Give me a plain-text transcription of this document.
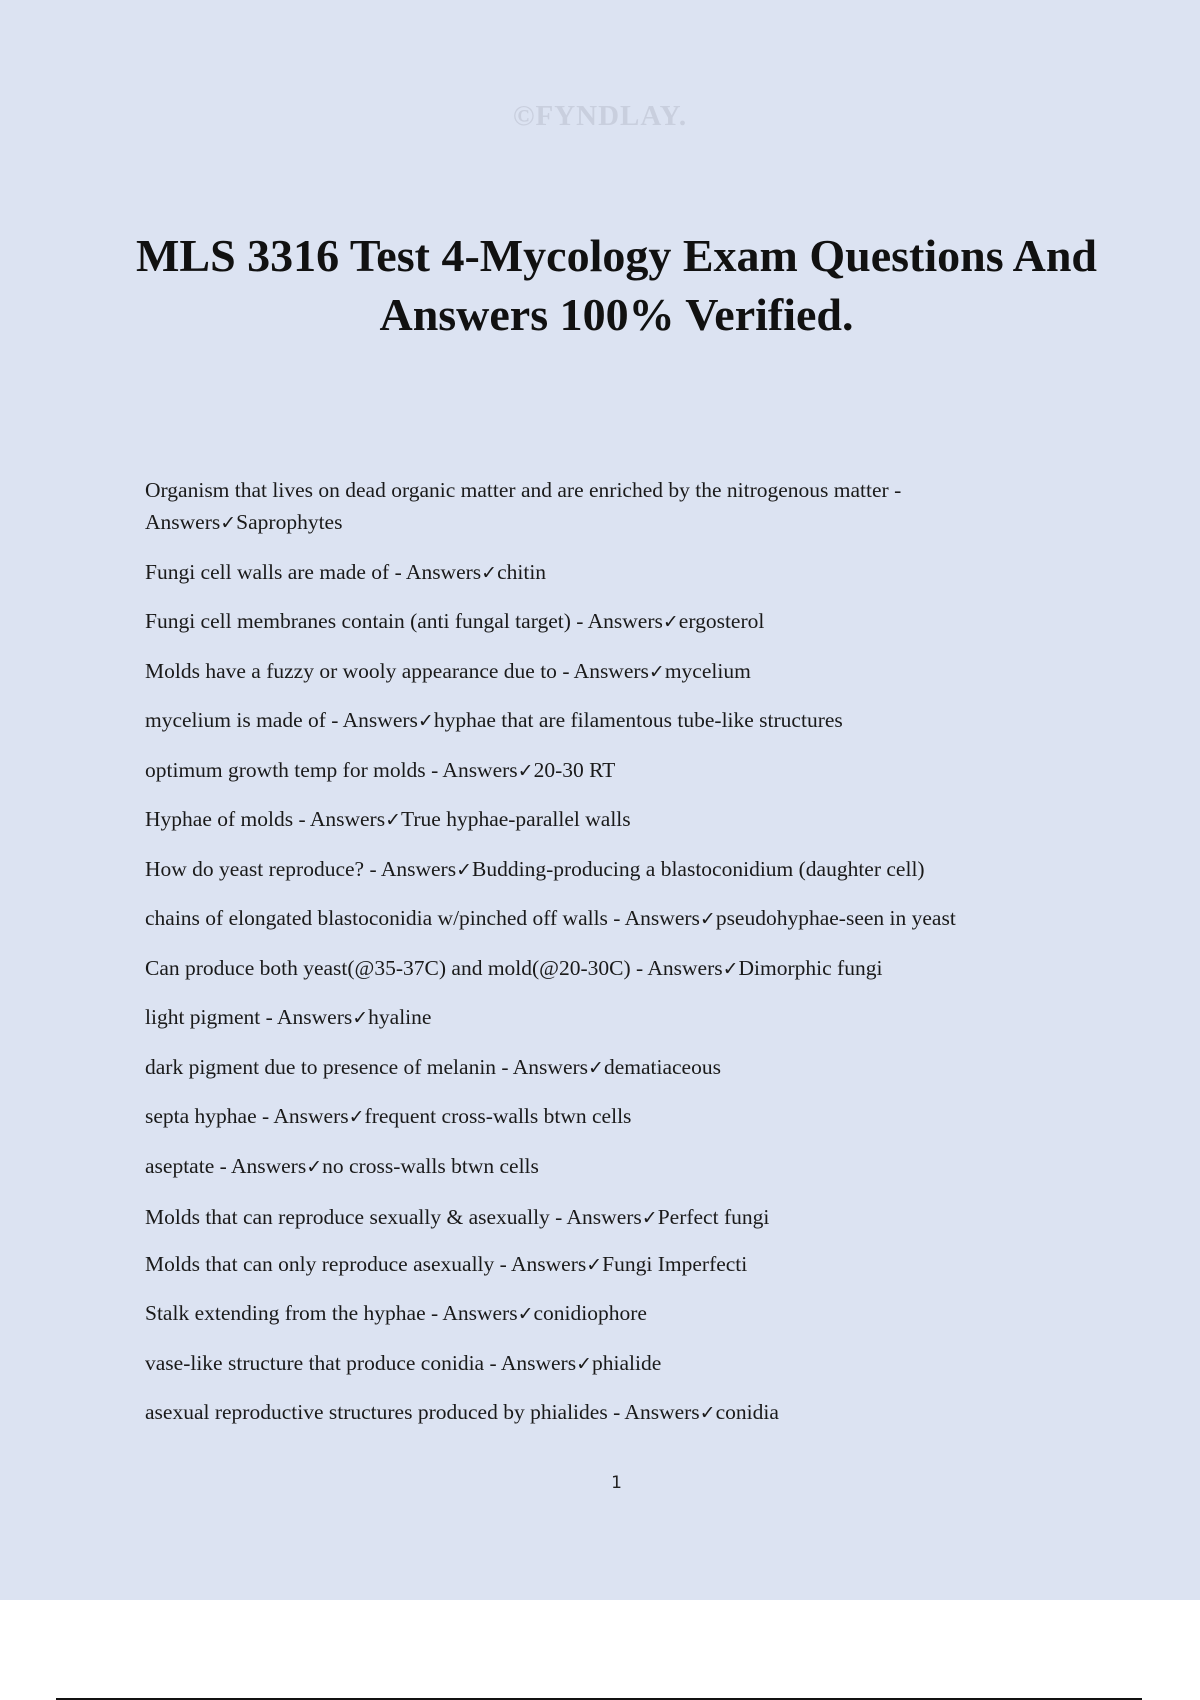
©FYNDLAY.
MLS 3316 Test 4-Mycology Exam Questions And Answers 100% Verified.
Organism that lives on dead organic matter and are enriched by the nitrogenous matter - Answers✓Saprophytes
Fungi cell walls are made of - Answers✓chitin
Fungi cell membranes contain (anti fungal target) - Answers✓ergosterol
Molds have a fuzzy or wooly appearance due to - Answers✓mycelium
mycelium is made of - Answers✓hyphae that are filamentous tube-like structures
optimum growth temp for molds - Answers✓20-30 RT
Hyphae of molds - Answers✓True hyphae-parallel walls
How do yeast reproduce? - Answers✓Budding-producing a blastoconidium (daughter cell)
chains of elongated blastoconidia w/pinched off walls - Answers✓pseudohyphae-seen in yeast
Can produce both yeast(@35-37C) and mold(@20-30C) - Answers✓Dimorphic fungi
light pigment - Answers✓hyaline
dark pigment due to presence of melanin - Answers✓dematiaceous
septa hyphae - Answers✓frequent cross-walls btwn cells
aseptate - Answers✓no cross-walls btwn cells
Molds that can reproduce sexually & asexually - Answers✓Perfect fungi
Molds that can only reproduce asexually - Answers✓Fungi Imperfecti
Stalk extending from the hyphae - Answers✓conidiophore
vase-like structure that produce conidia - Answers✓phialide
asexual reproductive structures produced by phialides - Answers✓conidia
1
